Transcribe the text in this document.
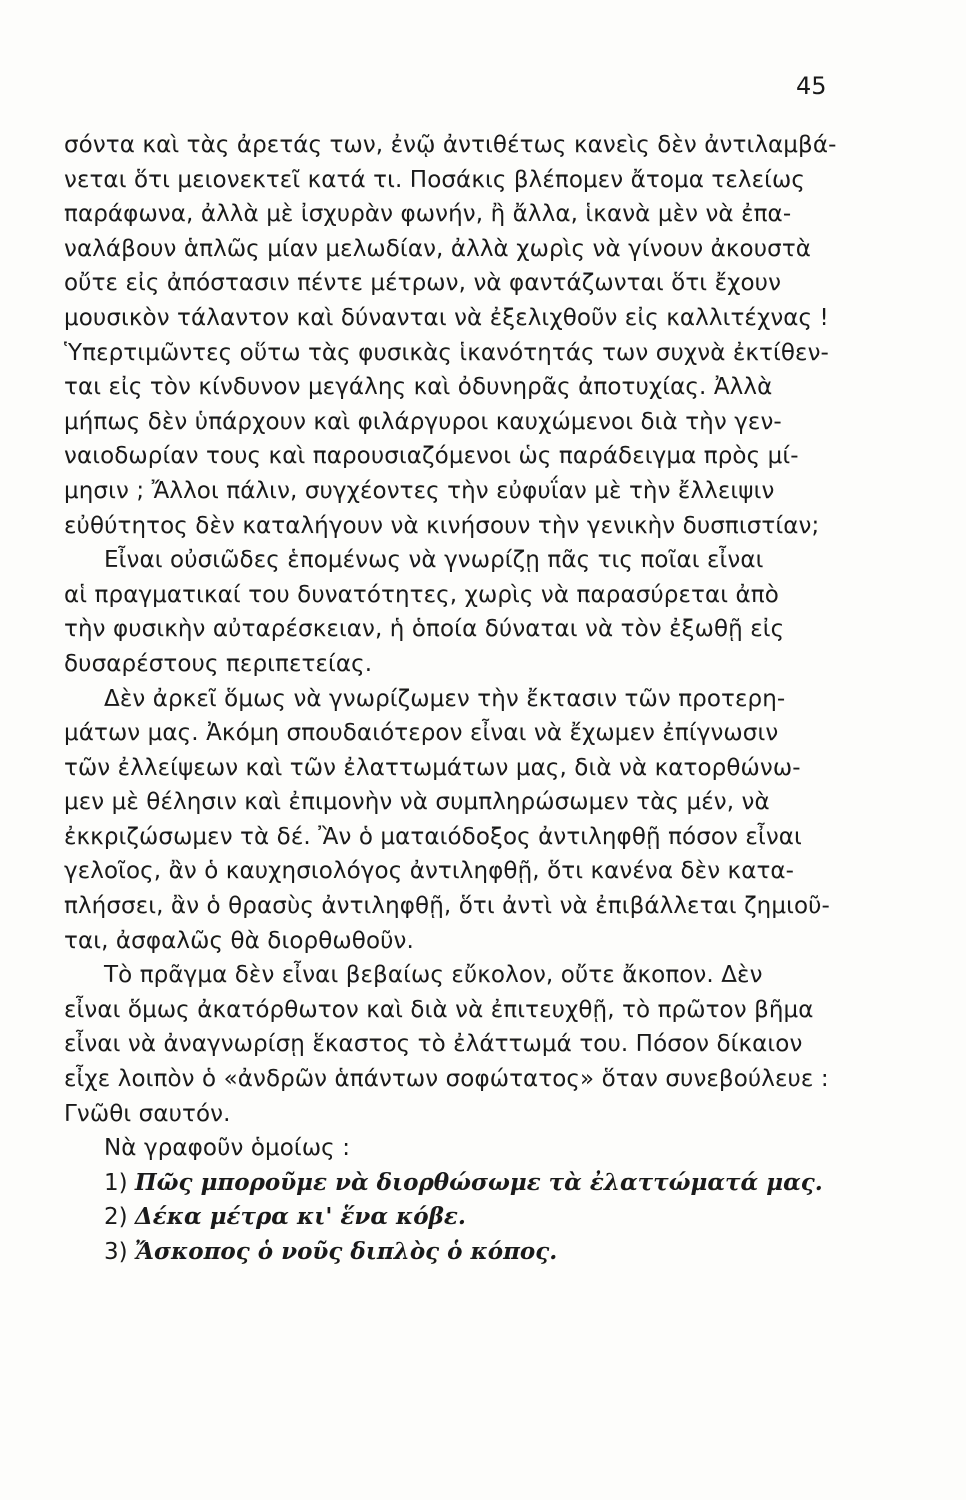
45
σόντα καὶ τὰς ἀρετάς των, ἐνῷ ἀντιθέτως κανεὶς δὲν ἀντιλαμβά-
νεται ὅτι μειονεκτεῖ κατά τι. Ποσάκις βλέπομεν ἄτομα τελείως
παράφωνα, ἀλλὰ μὲ ἰσχυρὰν φωνήν, ἢ ἄλλα, ἱκανὰ μὲν νὰ ἐπα-
ναλάβουν ἁπλῶς μίαν μελωδίαν, ἀλλὰ χωρὶς νὰ γίνουν ἀκουστὰ
οὔτε εἰς ἀπόστασιν πέντε μέτρων, νὰ φαντάζωνται ὅτι ἔχουν
μουσικὸν τάλαντον καὶ δύνανται νὰ ἐξελιχθοῦν εἰς καλλιτέχνας !
Ὑπερτιμῶντες οὕτω τὰς φυσικὰς ἱκανότητάς των συχνὰ ἐκτίθεν-
ται εἰς τὸν κίνδυνον μεγάλης καὶ ὀδυνηρᾶς ἀποτυχίας. Ἀλλὰ
μήπως δὲν ὑπάρχουν καὶ φιλάργυροι καυχώμενοι διὰ τὴν γεν-
ναιοδωρίαν τους καὶ παρουσιαζόμενοι ὡς παράδειγμα πρὸς μί-
μησιν ; Ἄλλοι πάλιν, συγχέοντες τὴν εὐφυΐαν μὲ τὴν ἔλλειψιν
εὐθύτητος δὲν καταλήγουν νὰ κινήσουν τὴν γενικὴν δυσπιστίαν;
Εἶναι οὐσιῶδες ἑπομένως νὰ γνωρίζῃ πᾶς τις ποῖαι εἶναι
αἱ πραγματικαί του δυνατότητες, χωρὶς νὰ παρασύρεται ἀπὸ
τὴν φυσικὴν αὐταρέσκειαν, ἡ ὁποία δύναται νὰ τὸν ἐξωθῇ εἰς
δυσαρέστους περιπετείας.
Δὲν ἀρκεῖ ὅμως νὰ γνωρίζωμεν τὴν ἔκτασιν τῶν προτερη-
μάτων μας. Ἀκόμη σπουδαιότερον εἶναι νὰ ἔχωμεν ἐπίγνωσιν
τῶν ἐλλείψεων καὶ τῶν ἐλαττωμάτων μας, διὰ νὰ κατορθώνω-
μεν μὲ θέλησιν καὶ ἐπιμονὴν νὰ συμπληρώσωμεν τὰς μέν, νὰ
ἐκκριζώσωμεν τὰ δέ. Ἂν ὁ ματαιόδοξος ἀντιληφθῇ πόσον εἶναι
γελοῖος, ἂν ὁ καυχησιολόγος ἀντιληφθῇ, ὅτι κανένα δὲν κατα-
πλήσσει, ἂν ὁ θρασὺς ἀντιληφθῇ, ὅτι ἀντὶ νὰ ἐπιβάλλεται ζημιοῦ-
ται, ἀσφαλῶς θὰ διορθωθοῦν.
Τὸ πρᾶγμα δὲν εἶναι βεβαίως εὔκολον, οὔτε ἄκοπον. Δὲν
εἶναι ὅμως ἀκατόρθωτον καὶ διὰ νὰ ἐπιτευχθῇ, τὸ πρῶτον βῆμα
εἶναι νὰ ἀναγνωρίσῃ ἕκαστος τὸ ἐλάττωμά του. Πόσον δίκαιον
εἶχε λοιπὸν ὁ «ἀνδρῶν ἁπάντων σοφώτατος» ὅταν συνεβούλευε :
Γνῶθι σαυτόν.
Νὰ γραφοῦν ὁμοίως :
1) Πῶς μποροῦμε νὰ διορθώσωμε τὰ ἐλαττώματά μας.
2) Δέκα μέτρα κι' ἕνα κόβε.
3) Ἄσκοπος ὁ νοῦς διπλὸς ὁ κόπος.
